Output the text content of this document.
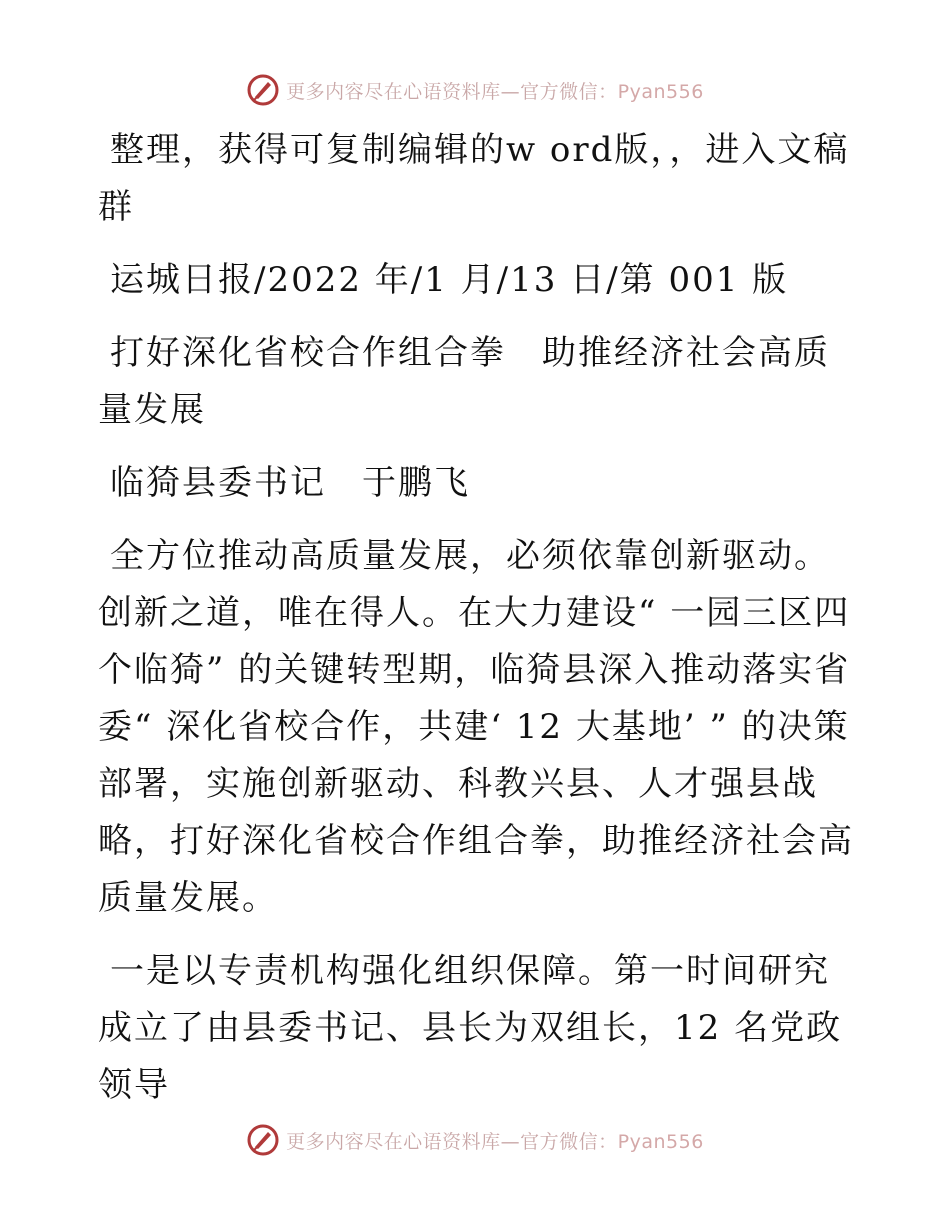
更多内容尽在心语资料库—官方微信：Pyan556

整理，获得可复制编辑的w ord版，，进入文稿群

运城日报/2022 年/1 月/13 日/第 001 版

打好深化省校合作组合拳　助推经济社会高质量发展

临猗县委书记　于鹏飞

全方位推动高质量发展，必须依靠创新驱动。创新之道，唯在得人。在大力建设“ 一园三区四个临猗” 的关键转型期，临猗县深入推动落实省委“ 深化省校合作，共建‘ 12 大基地’ ” 的决策部署，实施创新驱动、科教兴县、人才强县战略，打好深化省校合作组合拳，助推经济社会高质量发展。

一是以专责机构强化组织保障。第一时间研究成立了由县委书记、县长为双组长，12 名党政领导

更多内容尽在心语资料库—官方微信：Pyan556
